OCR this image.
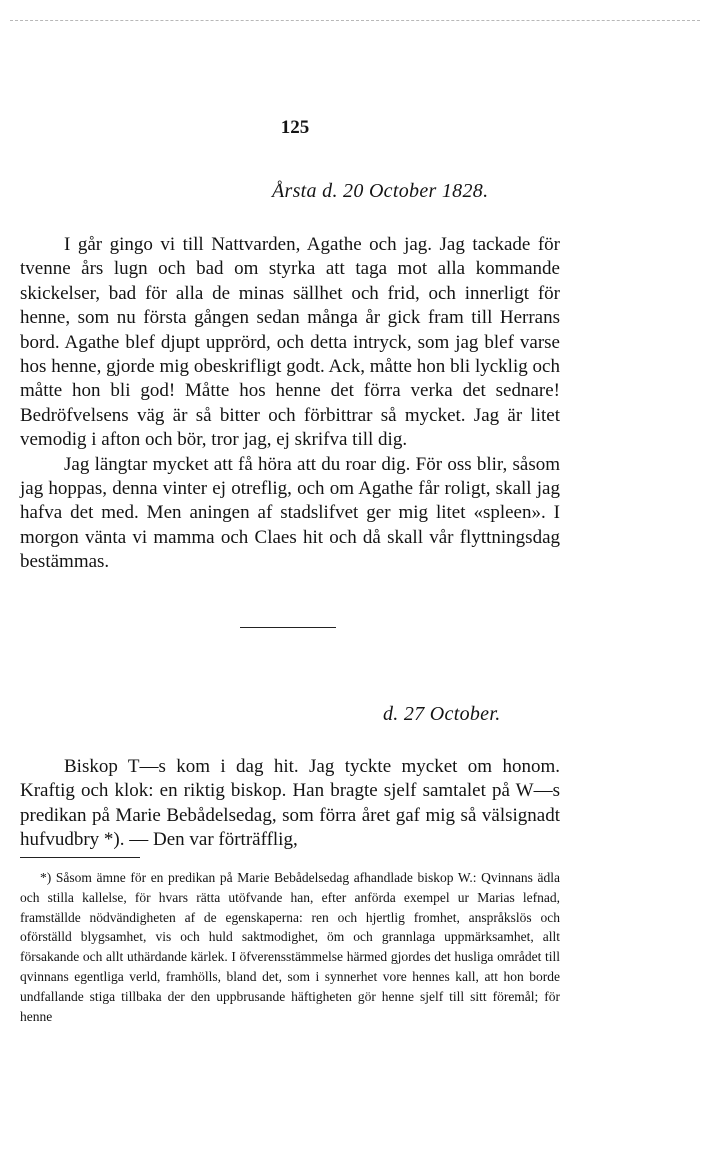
125
Årsta d. 20 October 1828.

I går gingo vi till Nattvarden, Agathe och jag. Jag tackade för tvenne års lugn och bad om styrka att taga mot alla kommande skickelser, bad för alla de minas sällhet och frid, och innerligt för henne, som nu första gången sedan många år gick fram till Herrans bord. Agathe blef djupt upprörd, och detta intryck, som jag blef varse hos henne, gjorde mig obeskrifligt godt. Ack, måtte hon bli lycklig och måtte hon bli god! Måtte hos henne det förra verka det sednare! Bedröfvelsens väg är så bitter och förbittrar så mycket. Jag är litet vemodig i afton och bör, tror jag, ej skrifva till dig.

Jag längtar mycket att få höra att du roar dig. För oss blir, såsom jag hoppas, denna vinter ej otreflig, och om Agathe får roligt, skall jag hafva det med. Men aningen af stadslifvet ger mig litet «spleen». I morgon vänta vi mamma och Claes hit och då skall vår flyttningsdag bestämmas.

d. 27 October.

Biskop T—s kom i dag hit. Jag tyckte mycket om honom. Kraftig och klok: en riktig biskop. Han bragte sjelf samtalet på W—s predikan på Marie Bebådelsedag, som förra året gaf mig så välsignadt hufvudbry *). — Den var förträfflig,

*) Såsom ämne för en predikan på Marie Bebådelsedag afhandlade biskop W.: Qvinnans ädla och stilla kallelse, för hvars rätta utöfvande han, efter anförda exempel ur Marias lefnad, framställde nödvändigheten af de egenskaperna: ren och hjertlig fromhet, anspråkslös och oförställd blygsamhet, vis och huld saktmodighet, öm och grannlaga uppmärksamhet, allt försakande och allt uthärdande kärlek. I öfverensstämmelse härmed gjordes det husliga området till qvinnans egentliga verld, framhölls, bland det, som i synnerhet vore hennes kall, att hon borde undfallande stiga tillbaka der den uppbrusande häftigheten gör henne sjelf till sitt föremål; för henne
